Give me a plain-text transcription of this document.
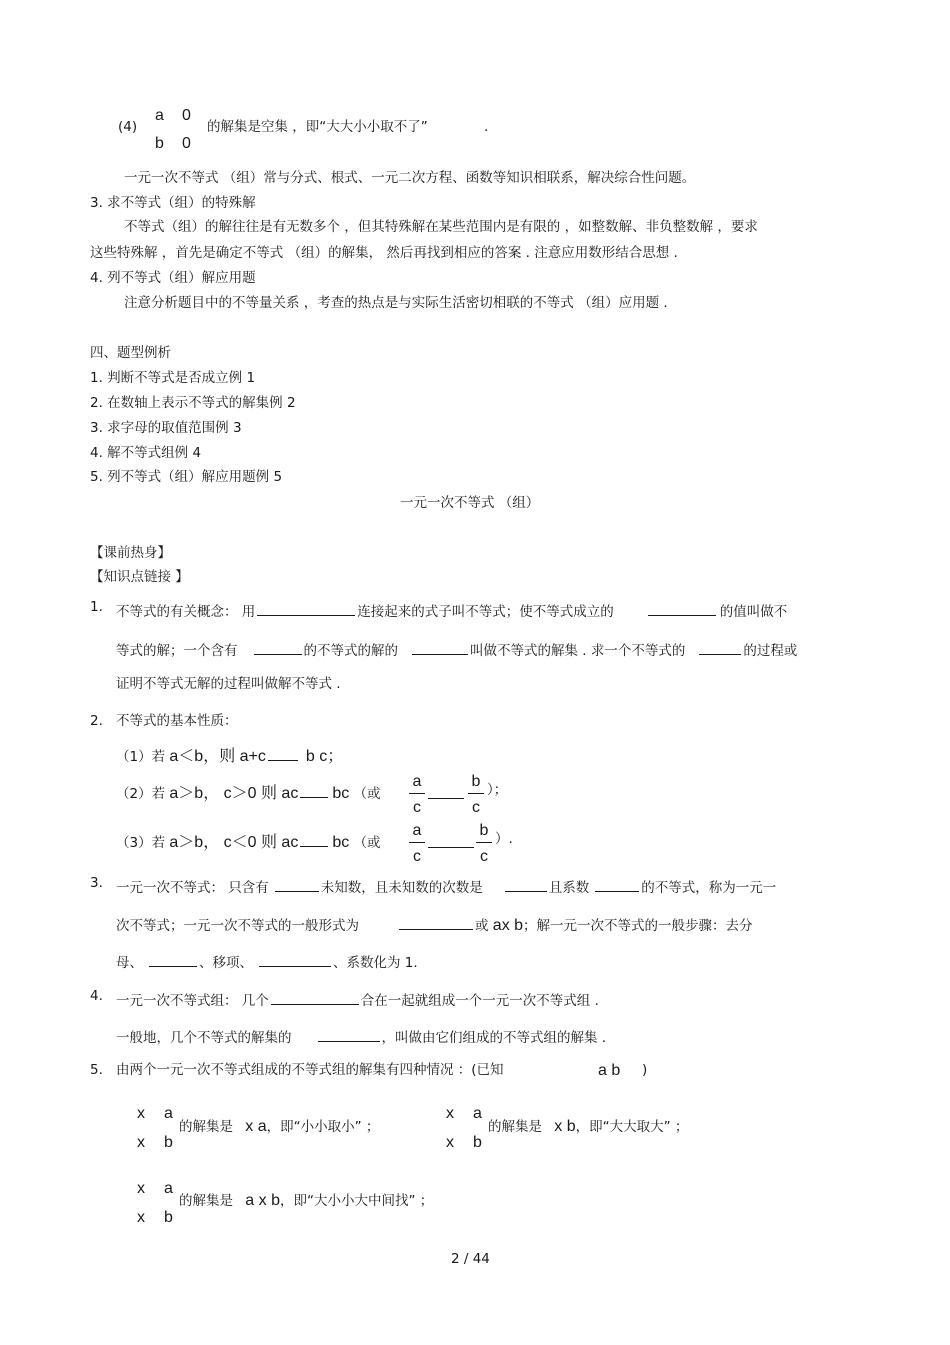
(4)
a 0
b 0
的解集是空集 ，即“大大小小取不了”	.
一元一次不等式 （组）常与分式、根式、一元二次方程、函数等知识相联系，解决综合性问题。
3. 求不等式（组）的特殊解
不等式（组）的解往往是有无数多个 ，但其特殊解在某些范围内是有限的 ，如整数解、非负整数解 ，要求
这些特殊解 ，首先是确定不等式 （组）的解集， 然后再找到相应的答案 . 注意应用数形结合思想 .
4. 列不等式（组）解应用题
注意分析题目中的不等量关系 ，考查的热点是与实际生活密切相联的不等式 （组）应用题 .
四、题型例析
1. 判断不等式是否成立例 1
2. 在数轴上表示不等式的解集例 2
3. 求字母的取值范围例 3
4. 解不等式组例 4
5. 列不等式（组）解应用题例 5
一元一次不等式 （组）
【课前热身】
【知识点链接 】
1. 不等式的有关概念： 用	连接起来的式子叫不等式；使不等式成立的	的值叫做不
等式的解；一个含有	的不等式的解的	叫做不等式的解集 . 求一个不等式的	的过程或
证明不等式无解的过程叫做解不等式 .
2. 不等式的基本性质：
（1）若 a＜b，则 a+c	b c；
（2）若 a＞b， c＞0 则 ac bc （或
a
c
b
c
）；
（3）若 a＞b， c＜0 则 ac bc （或
a
c
b
c
）.
3. 一元一次不等式： 只含有	未知数，且未知数的次数是	且系数	的不等式，称为一元一
次不等式；一元一次不等式的一般形式为	或 ax b；解一元一次不等式的一般步骤：去分
母、	、移项、	、系数化为 1.
4. 一元一次不等式组： 几个	合在一起就组成一个一元一次不等式组 .
一般地，几个不等式的解集的	，叫做由它们组成的不等式组的解集 .
5. 由两个一元一次不等式组成的不等式组的解集有四种情况 ：(已知	a b )
x a
x b
的解集是 x a，即“小小取小” ；
x a
x b
的解集是 x b，即“大大取大” ；
x a
x b
的解集是 a x b，即“大小小大中间找” ；
2 / 44
